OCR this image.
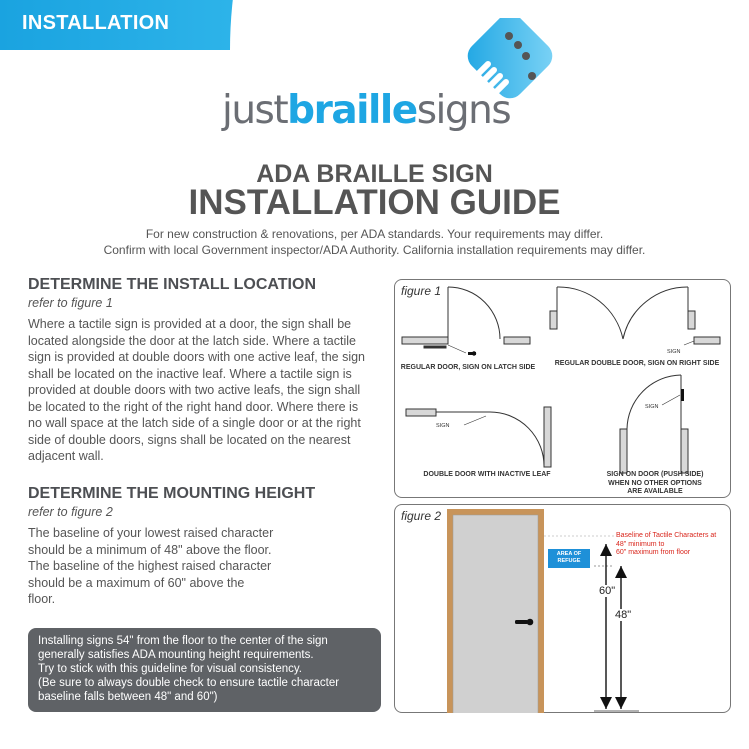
INSTALLATION
justbraillesigns
ADA BRAILLE SIGN
INSTALLATION GUIDE
For new construction & renovations, per ADA standards. Your requirements may differ.
Confirm with local Government inspector/ADA Authority. California installation requirements may differ.
DETERMINE THE INSTALL LOCATION
refer to figure 1
Where a tactile sign is provided at a door, the sign shall be
located alongside the door at the latch side. Where a tactile
sign is provided at double doors with one active leaf, the sign
shall be located on the inactive leaf. Where a tactile sign is
provided at double doors with two active leafs, the sign shall
be located to the right of the right hand door. Where there is
no wall space at the latch side of a single door or at the right
side of double doors, signs shall be located on the nearest
adjacent wall.
DETERMINE THE MOUNTING HEIGHT
refer to figure 2
The baseline of your lowest raised character
should be a minimum of 48" above the floor.
The baseline of the highest raised character
should be a maximum of 60" above the
floor.
Installing signs 54" from the floor to the center of the sign
generally satisfies ADA mounting height requirements.
Try to stick with this guideline for visual consistency.
(Be sure to always double check to ensure tactile character
baseline falls between 48" and 60")
figure 1
SIGN
SIGN
SIGN
REGULAR DOOR, SIGN ON LATCH SIDE
REGULAR DOUBLE DOOR, SIGN ON RIGHT SIDE
DOUBLE DOOR WITH INACTIVE LEAF	SIGN ON DOOR (PUSH SIDE)
WHEN NO OTHER OPTIONS
ARE AVAILABLE
figure 2
AREA OF
REFUGE
Baseline of Tactile Characters at
48" minimum to
60" maximum from floor
60"
48"
